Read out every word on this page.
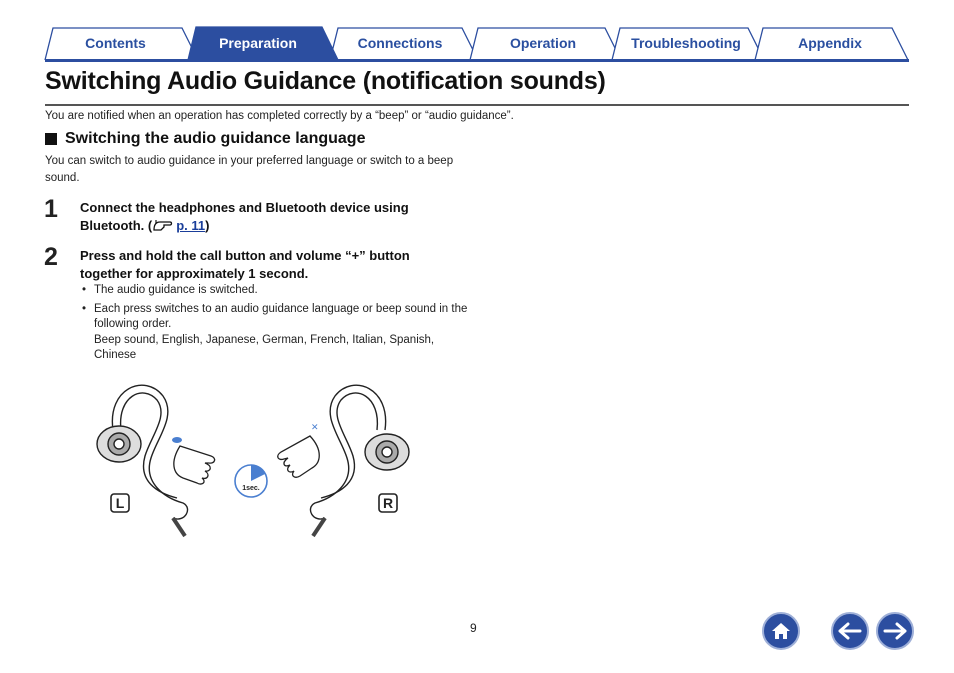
Contents	Preparation	Connections	Operation	Troubleshooting	Appendix
Switching Audio Guidance (notification sounds)
You are notified when an operation has completed correctly by a “beep” or “audio guidance”.
Switching the audio guidance language
You can switch to audio guidance in your preferred language or switch to a beep sound.
1 Connect the headphones and Bluetooth device using Bluetooth. ( p. 11)
2 Press and hold the call button and volume “+” button together for approximately 1 second.
• The audio guidance is switched.
• Each press switches to an audio guidance language or beep sound in the following order.
Beep sound, English, Japanese, German, French, Italian, Spanish, Chinese
✕
1sec.
L	R
9
